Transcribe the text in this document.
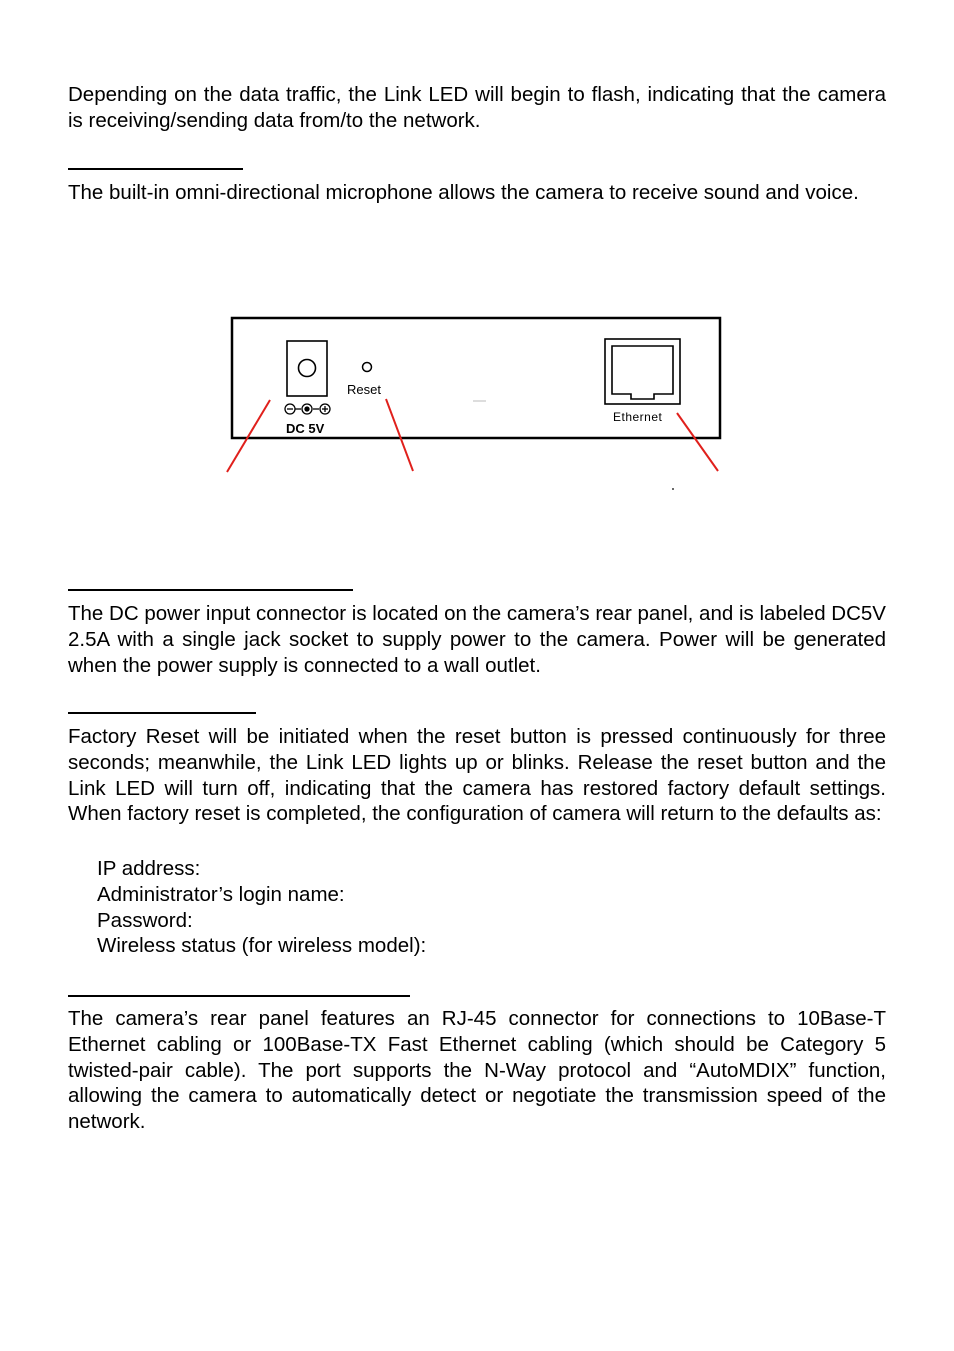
Depending on the data traffic, the Link LED will begin to flash, indicating that the camera is receiving/sending data from/to the network.

The built-in omni-directional microphone allows the camera to receive sound and voice.

DC 5V
Reset
Ethernet

The DC power input connector is located on the camera’s rear panel, and is labeled DC5V 2.5A with a single jack socket to supply power to the camera. Power will be generated when the power supply is connected to a wall outlet.

Factory Reset will be initiated when the reset button is pressed continuously for three seconds; meanwhile, the Link LED lights up or blinks. Release the reset button and the Link LED will turn off, indicating that the camera has restored factory default settings. When factory reset is completed, the configuration of camera will return to the defaults as:

IP address:
Administrator’s login name:
Password:
Wireless status (for wireless model):

The camera’s rear panel features an RJ-45 connector for connections to 10Base-T Ethernet cabling or 100Base-TX Fast Ethernet cabling (which should be Category 5 twisted-pair cable). The port supports the N-Way protocol and “AutoMDIX” function, allowing the camera to automatically detect or negotiate the transmission speed of the network.
